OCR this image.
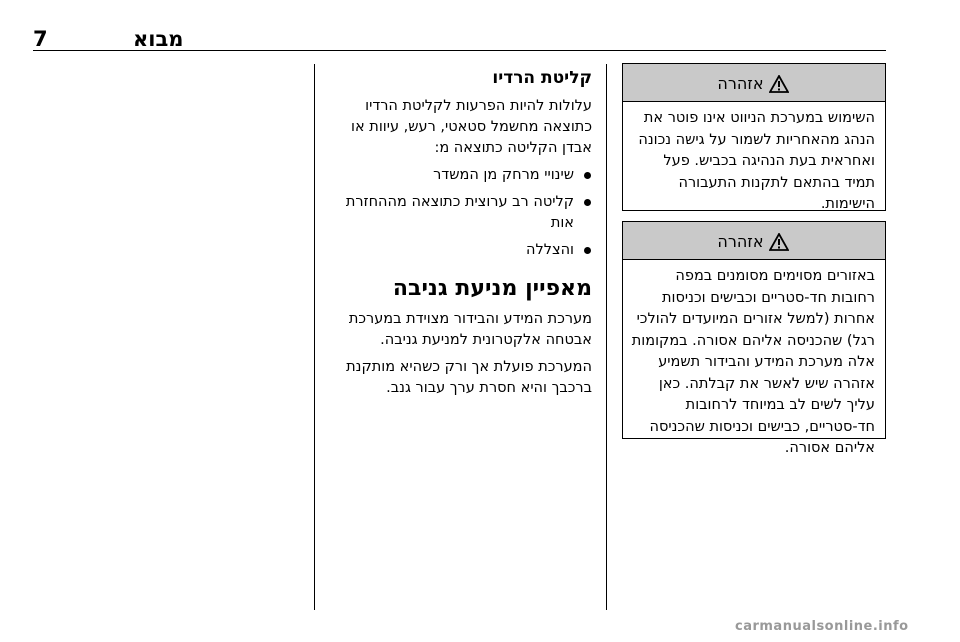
7	מבוא
אזהרה
השימוש במערכת הניווט אינו פוטר את הנהג מהאחריות לשמור על גישה נכונה ואחראית בעת הנהיגה בכביש. פעל תמיד בהתאם לתקנות התעבורה הישימות.
אזהרה
באזורים מסוימים מסומנים במפה רחובות חד-סטריים וכבישים וכניסות אחרות (למשל אזורים המיועדים להולכי רגל) שהכניסה אליהם אסורה. במקומות אלה מערכת המידע והבידור תשמיע אזהרה שיש לאשר את קבלתה. כאן עליך לשים לב במיוחד לרחובות חד-סטריים, כבישים וכניסות שהכניסה אליהם אסורה.
קליטת הרדיו

עלולות להיות הפרעות לקליטת הרדיו כתוצאה מחשמל סטאטי, רעש, עיוות או אבדן הקליטה כתוצאה מ:

שינויי מרחק מן המשדר
קליטה רב ערוצית כתוצאה מההחזרת אות
והצללה
מאפיין מניעת גניבה

מערכת המידע והבידור מצוידת במערכת אבטחה אלקטרונית למניעת גניבה.

המערכת פועלת אך ורק כשהיא מותקנת ברכבך והיא חסרת ערך עבור גנב.

carmanualsonline.info
